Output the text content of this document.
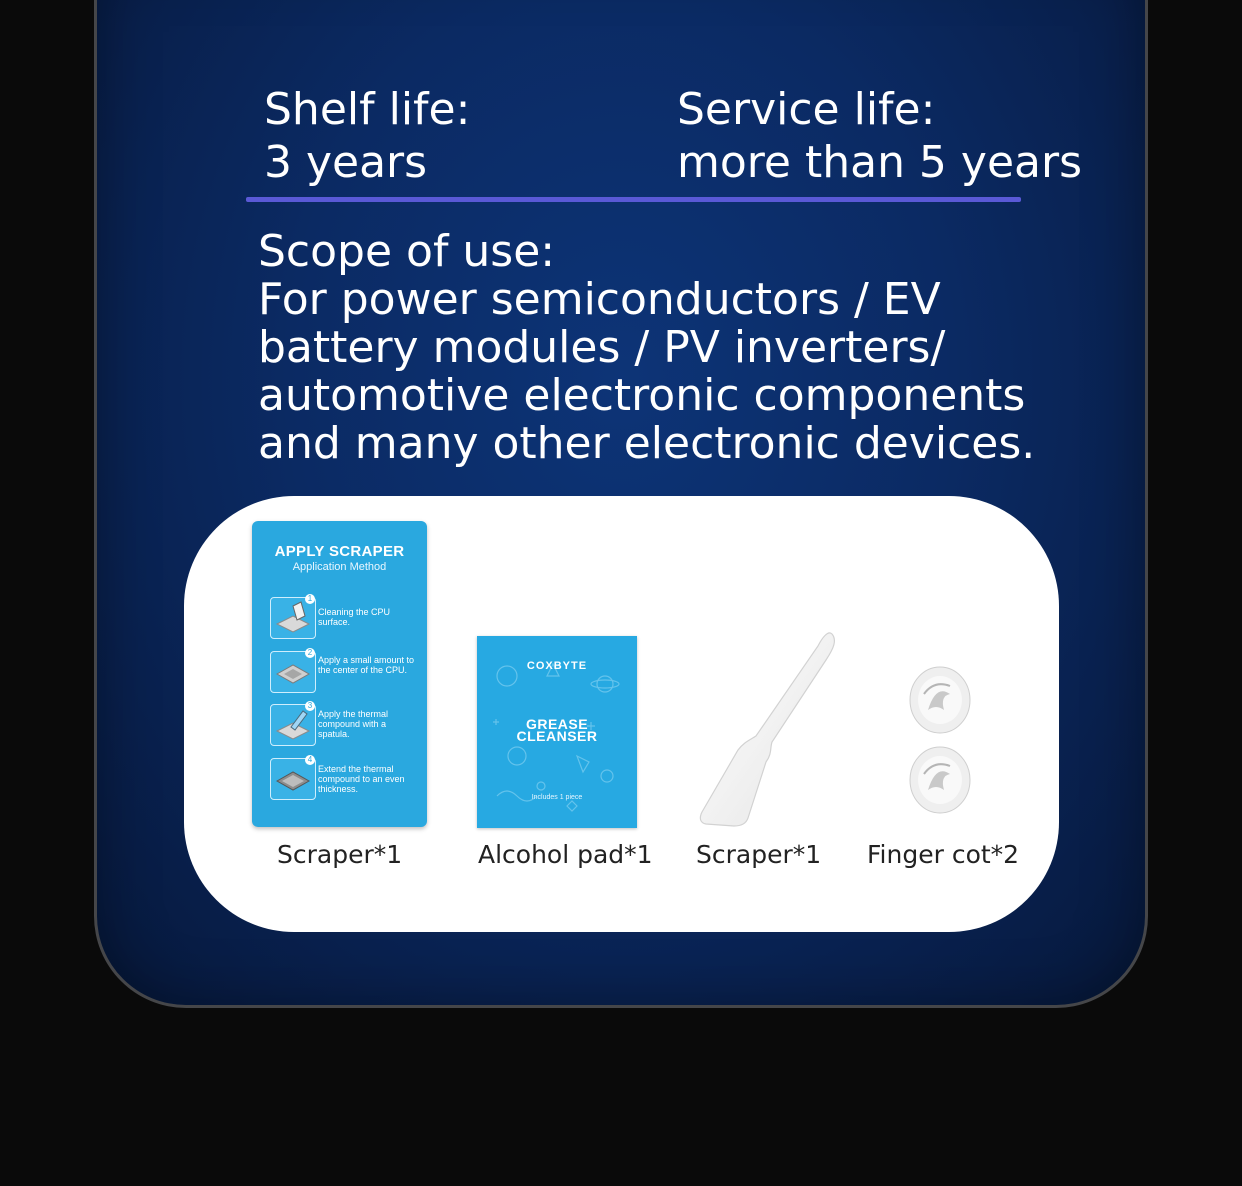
Shelf life:
3 years
Service life:
more than 5 years
Scope of use:
For power semiconductors / EV battery modules / PV inverters/ automotive electronic components and many other electronic devices.
APPLY SCRAPER
Application Method
1
Cleaning the CPU surface.
2
Apply a small amount to the center of the CPU.
3
Apply the thermal compound with a spatula.
4
Extend the thermal compound to an even thickness.
COXBYTE
GREASE
CLEANSER
Includes 1 piece
Scraper*1	Alcohol pad*1 Scraper*1 Finger cot*2
